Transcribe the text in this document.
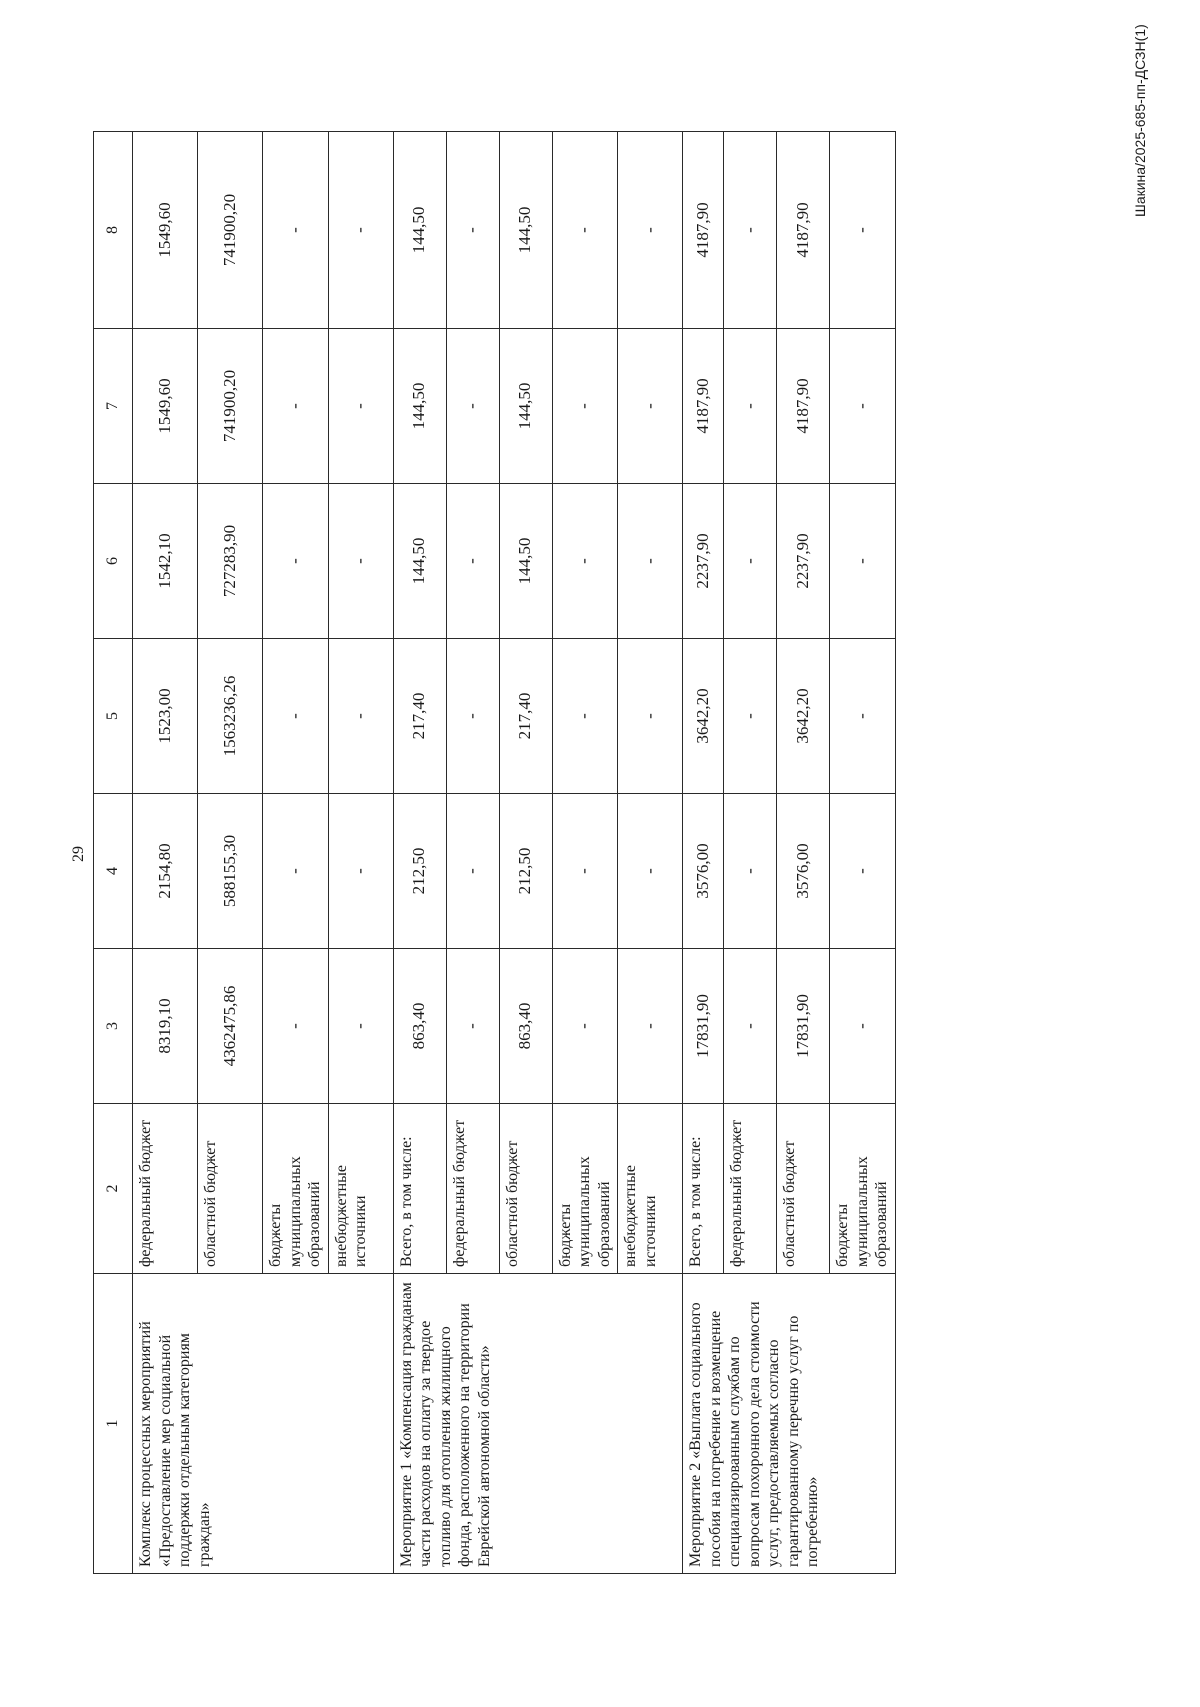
29
1	2	3	4	5	6	7	8
Комплекс процессных мероприятий «Предоставление мер социальной поддержки отдельным категориям граждан»	федеральный бюджет	8319,10	2154,80	1523,00	1542,10	1549,60	1549,60
	областной бюджет	4362475,86	588155,30	1563236,26	727283,90	741900,20	741900,20
	бюджеты муниципальных образований	-	-	-	-	-	-
	внебюджетные источники	-	-	-	-	-	-
Мероприятие 1 «Компенсация гражданам части расходов на оплату за твердое топливо для отопления жилищного фонда, расположенного на территории Еврейской автономной области»	Всего, в том числе:	863,40	212,50	217,40	144,50	144,50	144,50
	федеральный бюджет	-	-	-	-	-	-
	областной бюджет	863,40	212,50	217,40	144,50	144,50	144,50
	бюджеты муниципальных образований	-	-	-	-	-	-
	внебюджетные источники	-	-	-	-	-	-
Мероприятие 2 «Выплата социального пособия на погребение и возмещение специализированным службам по вопросам похоронного дела стоимости услуг, предоставляемых согласно гарантированному перечню услуг по погребению»	Всего, в том числе:	17831,90	3576,00	3642,20	2237,90	4187,90	4187,90
	федеральный бюджет	-	-	-	-	-	-
	областной бюджет	17831,90	3576,00	3642,20	2237,90	4187,90	4187,90
	бюджеты муниципальных образований	-	-	-	-	-	-
Шакина/2025-685-пп-ДСЗН(1)
